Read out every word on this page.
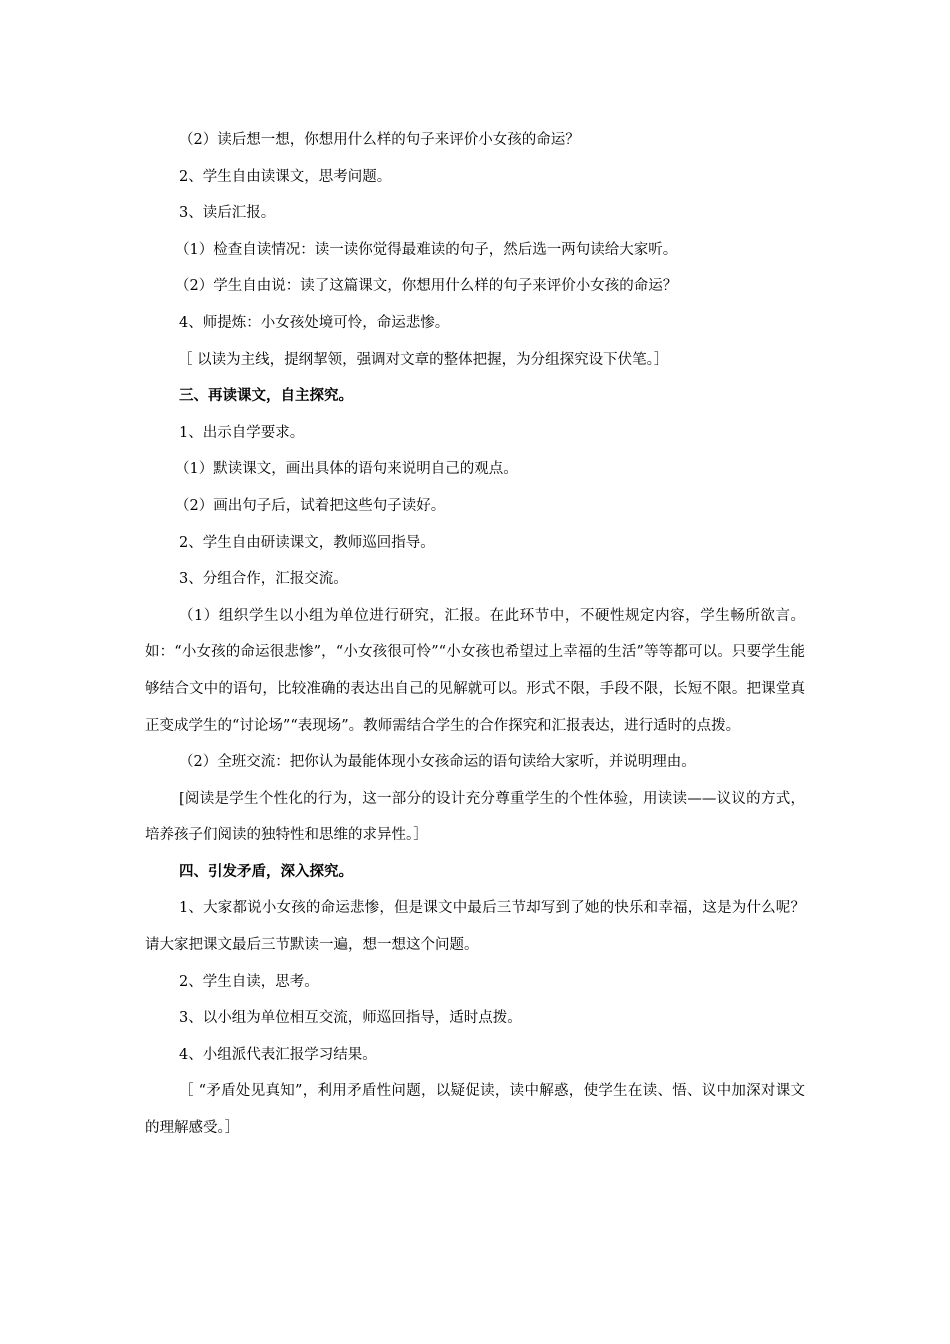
（2）读后想一想，你想用什么样的句子来评价小女孩的命运？
2、学生自由读课文，思考问题。
3、读后汇报。
（1）检查自读情况：读一读你觉得最难读的句子，然后选一两句读给大家听。
（2）学生自由说：读了这篇课文，你想用什么样的句子来评价小女孩的命运？
4、师提炼：小女孩处境可怜，命运悲惨。
［ 以读为主线，提纲挈领，强调对文章的整体把握，为分组探究设下伏笔。］
三、再读课文，自主探究。
1、出示自学要求。
（1）默读课文，画出具体的语句来说明自己的观点。
（2）画出句子后，试着把这些句子读好。
2、学生自由研读课文，教师巡回指导。
3、分组合作，汇报交流。

（1）组织学生以小组为单位进行研究，汇报。在此环节中，不硬性规定内容，学生畅所欲言。如：“小女孩的命运很悲惨”，“小女孩很可怜”“小女孩也希望过上幸福的生活”等等都可以。只要学生能够结合文中的语句，比较准确的表达出自己的见解就可以。形式不限，手段不限，长短不限。把课堂真正变成学生的“讨论场”“表现场”。教师需结合学生的合作探究和汇报表达，进行适时的点拨。

（2）全班交流：把你认为最能体现小女孩命运的语句读给大家听，并说明理由。

[阅读是学生个性化的行为，这一部分的设计充分尊重学生的个性体验，用读读——议议的方式，培养孩子们阅读的独特性和思维的求异性。］

四、引发矛盾，深入探究。

1、大家都说小女孩的命运悲惨，但是课文中最后三节却写到了她的快乐和幸福，这是为什么呢？请大家把课文最后三节默读一遍，想一想这个问题。

2、学生自读，思考。
3、以小组为单位相互交流，师巡回指导，适时点拨。
4、小组派代表汇报学习结果。

［ “矛盾处见真知”，利用矛盾性问题，以疑促读，读中解惑，使学生在读、悟、议中加深对课文的理解感受。］
